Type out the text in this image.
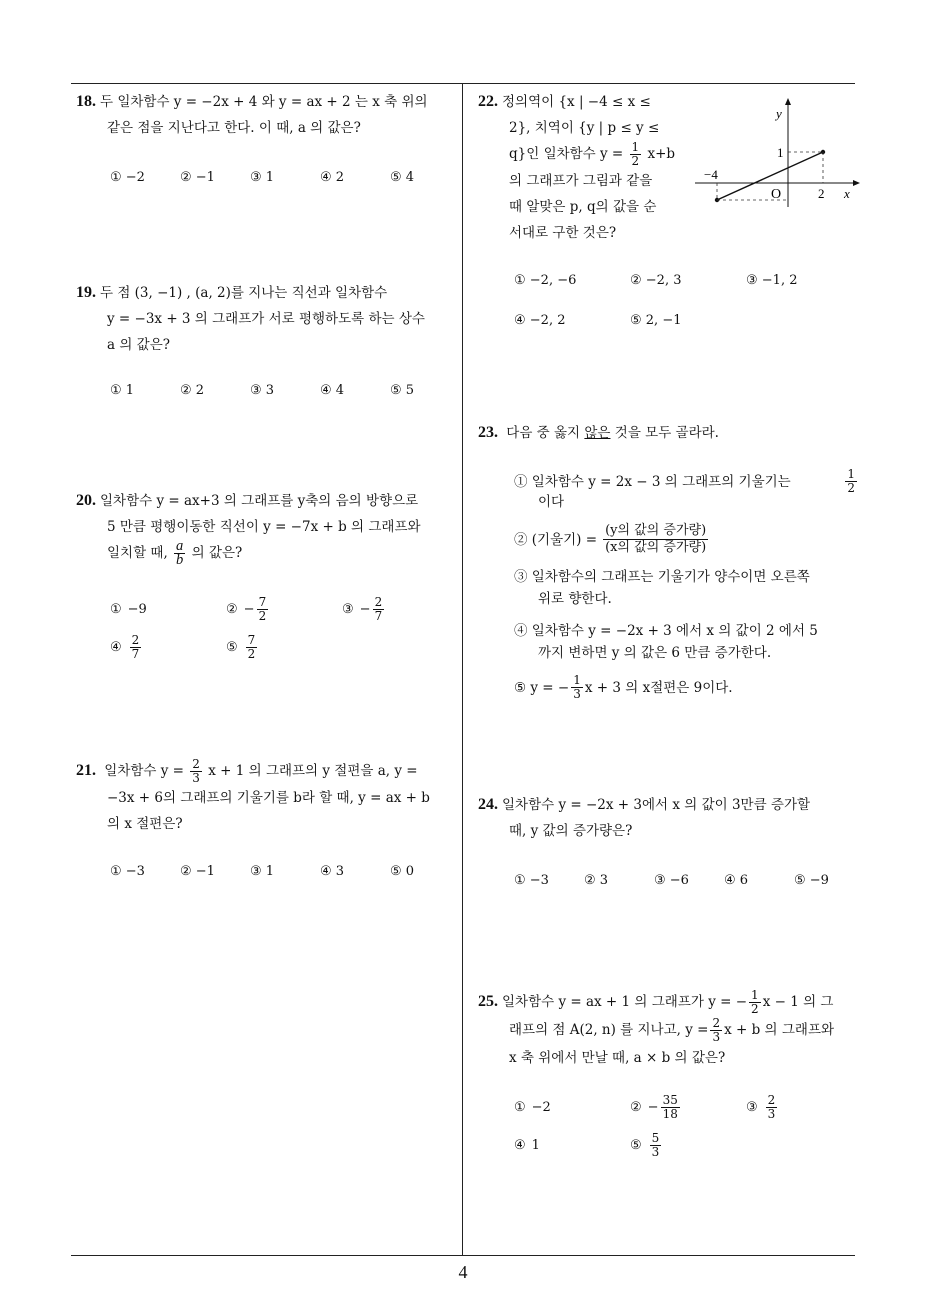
18. 두 일차함수 y = −2x + 4 와 y = ax + 2 는 x 축 위의
같은 점을 지난다고 한다. 이 때, a 의 값은?
① −2	② −1	③ 1	④ 2	⑤ 4
19. 두 점 (3, −1) , (a, 2)를 지나는 직선과 일차함수
y = −3x + 3 의 그래프가 서로 평행하도록 하는 상수
a 의 값은?
① 1	② 2	③ 3	④ 4	⑤ 5
20. 일차함수 y = ax+3 의 그래프를 y축의 음의 방향으로
5 만큼 평행이동한 직선이 y = −7x + b 의 그래프와
일치할 때, $\frac{a}{b}$ 의 값은?
① −9	② − $\frac{7}{2}$	③ − $\frac{2}{7}$
④ $\frac{2}{7}$	⑤ $\frac{7}{2}$
21. 일차함수 $y = \frac{2}{3}$ x + 1 의 그래프의 y 절편을 a, y =
−3x + 6의 그래프의 기울기를 b라 할 때, y = ax + b
의 x 절편은?
① −3	② −1	③ 1	④ 3	⑤ 0
22. 정의역이 {x | −4 ≤ x ≤
2}, 치역이 {y | p ≤ y ≤
q}인 일차함수 $y = \frac{1}{2} x+b$
의 그래프가 그림과 같을
때 알맞은 p, q의 값을 순
서대로 구한 것은?
y
x
O
1
−4
2
① −2, −6	② −2, 3	③ −1, 2
④ −2, 2	⑤ 2, −1
23. 다음 중 옳지 않은 것을 모두 골라라.
① 일차함수 y = 2x − 3 의 그래프의 기울기는	$\frac{1}{2}$
이다
② (기울기) = $\frac{\text{(y의 값의 증가량)}}{\text{(x의 값의 증가량)}}$
③ 일차함수의 그래프는 기울기가 양수이면 오른쪽
위로 향한다.
④ 일차함수 y = −2x + 3 에서 x 의 값이 2 에서 5
까지 변하면 y 의 값은 6 만큼 증가한다.
⑤ y = − $\frac{1}{3}$ x + 3 의 x절편은 9이다.
24. 일차함수 y = −2x + 3에서 x 의 값이 3만큼 증가할
때, y 값의 증가량은?
① −3	② 3	③ −6	④ 6	⑤ −9
25. 일차함수 y = ax + 1 의 그래프가 y = − $\frac{1}{2}$ x − 1 의 그
래프의 점 A(2, n) 를 지나고, $y = \frac{2}{3}$ x + b 의 그래프와
x 축 위에서 만날 때, a × b 의 값은?
① −2	② − $\frac{35}{18}$	③ $\frac{2}{3}$
④ 1	⑤ $\frac{5}{3}$
4
